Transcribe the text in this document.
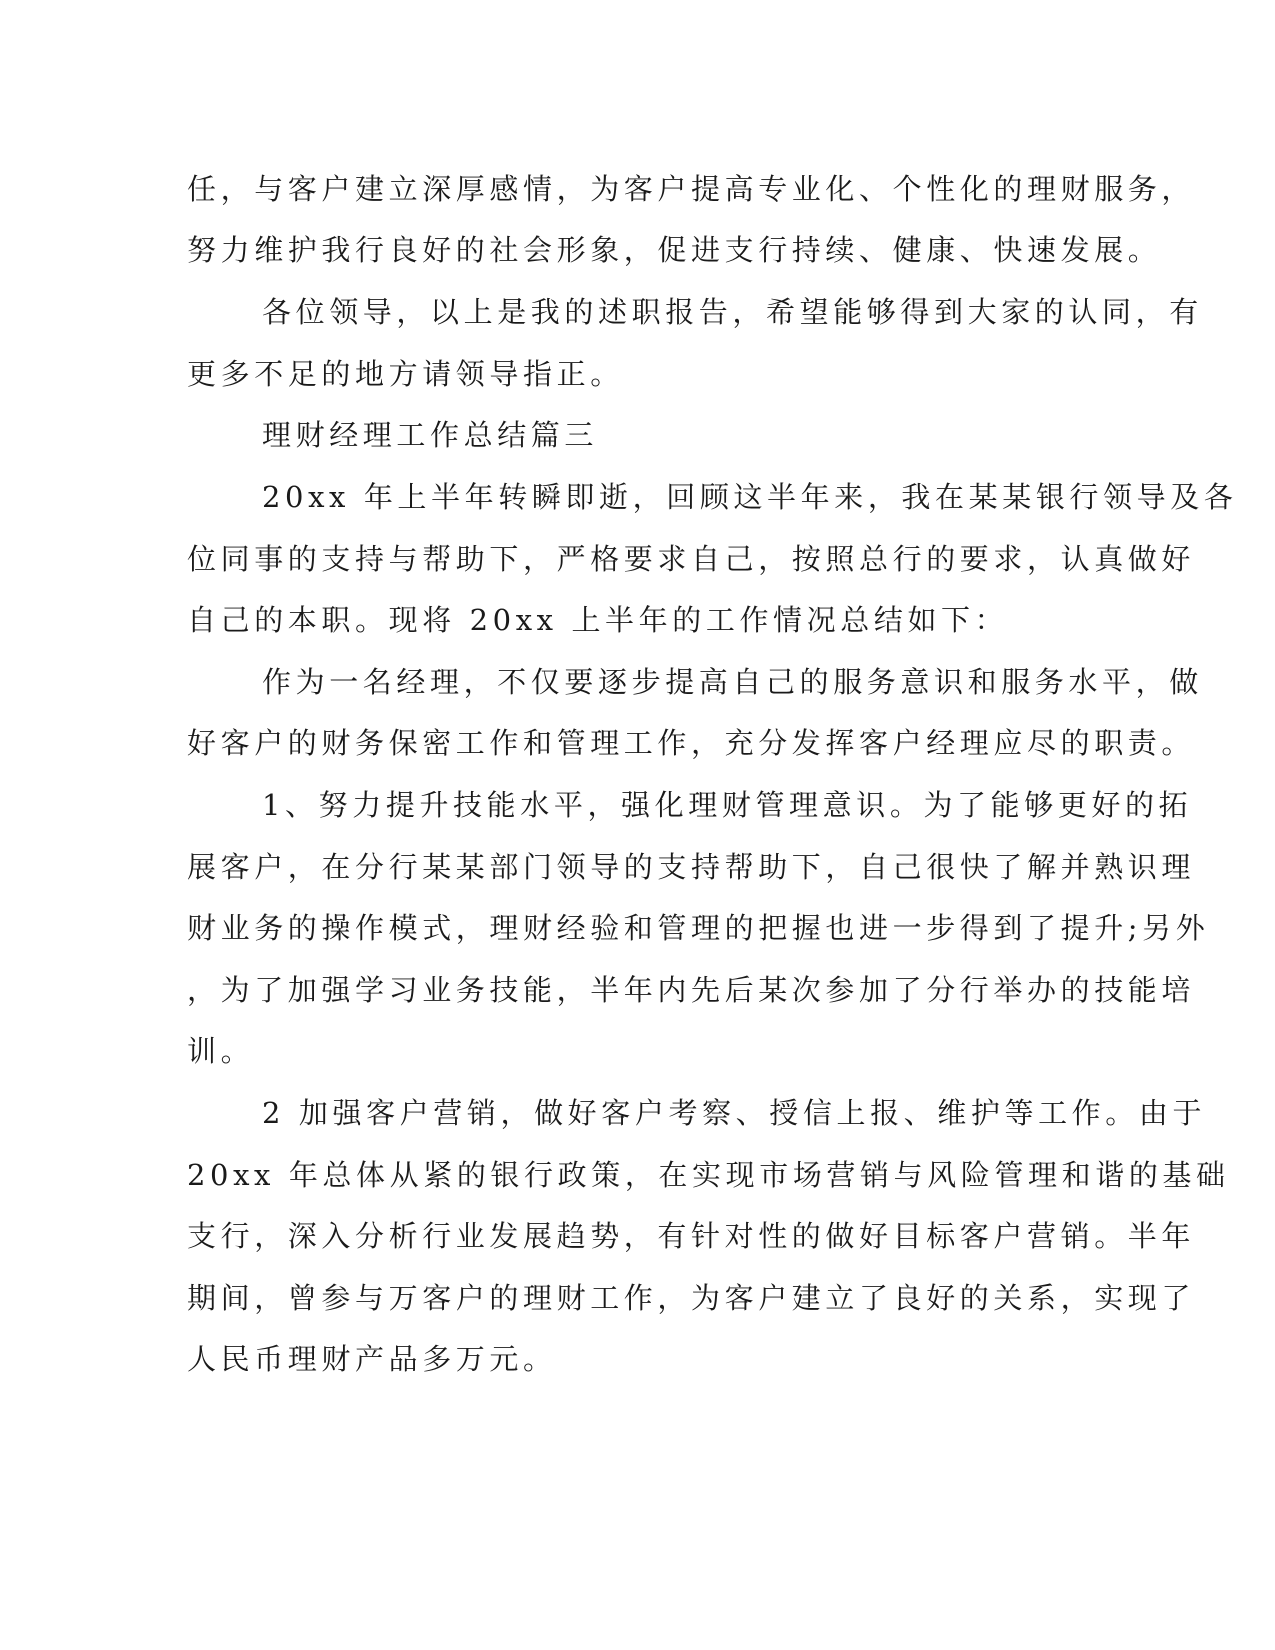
任，与客户建立深厚感情，为客户提高专业化、个性化的理财服务，
努力维护我行良好的社会形象，促进支行持续、健康、快速发展。
各位领导，以上是我的述职报告，希望能够得到大家的认同，有
更多不足的地方请领导指正。
理财经理工作总结篇三
20xx 年上半年转瞬即逝，回顾这半年来，我在某某银行领导及各
位同事的支持与帮助下，严格要求自己，按照总行的要求，认真做好
自己的本职。现将 20xx 上半年的工作情况总结如下：
作为一名经理，不仅要逐步提高自己的服务意识和服务水平，做
好客户的财务保密工作和管理工作，充分发挥客户经理应尽的职责。
1、努力提升技能水平，强化理财管理意识。为了能够更好的拓
展客户，在分行某某部门领导的支持帮助下，自己很快了解并熟识理
财业务的操作模式，理财经验和管理的把握也进一步得到了提升;另外
，为了加强学习业务技能，半年内先后某次参加了分行举办的技能培
训。
2 加强客户营销，做好客户考察、授信上报、维护等工作。由于
20xx 年总体从紧的银行政策，在实现市场营销与风险管理和谐的基础
支行，深入分析行业发展趋势，有针对性的做好目标客户营销。半年
期间，曾参与万客户的理财工作，为客户建立了良好的关系，实现了
人民币理财产品多万元。
